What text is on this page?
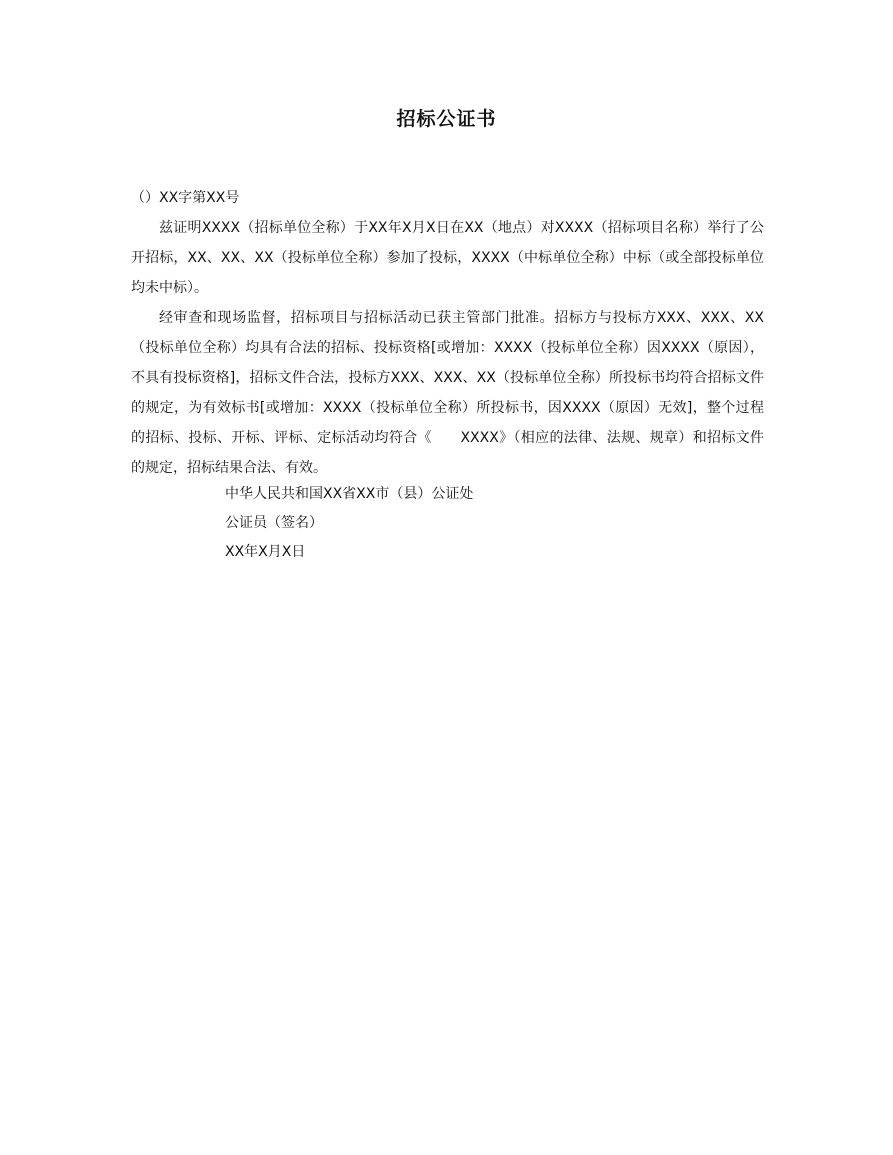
招标公证书

（）XX字第XX号

兹证明XXXX（招标单位全称）于XX年X月X日在XX（地点）对XXXX（招标项目名称）举行了公开招标，XX、XX、XX（投标单位全称）参加了投标，XXXX（中标单位全称）中标（或全部投标单位均未中标）。

经审查和现场监督，招标项目与招标活动已获主管部门批准。招标方与投标方XXX、XXX、XX（投标单位全称）均具有合法的招标、投标资格[或增加：XXXX（投标单位全称）因XXXX（原因），不具有投标资格]，招标文件合法，投标方XXX、XXX、XX（投标单位全称）所投标书均符合招标文件的规定，为有效标书[或增加：XXXX（投标单位全称）所投标书，因XXXX（原因）无效]，整个过程的招标、投标、开标、评标、定标活动均符合《　　XXXX》（相应的法律、法规、规章）和招标文件的规定，招标结果合法、有效。

中华人民共和国XX省XX市（县）公证处
公证员（签名）
XX年X月X日
